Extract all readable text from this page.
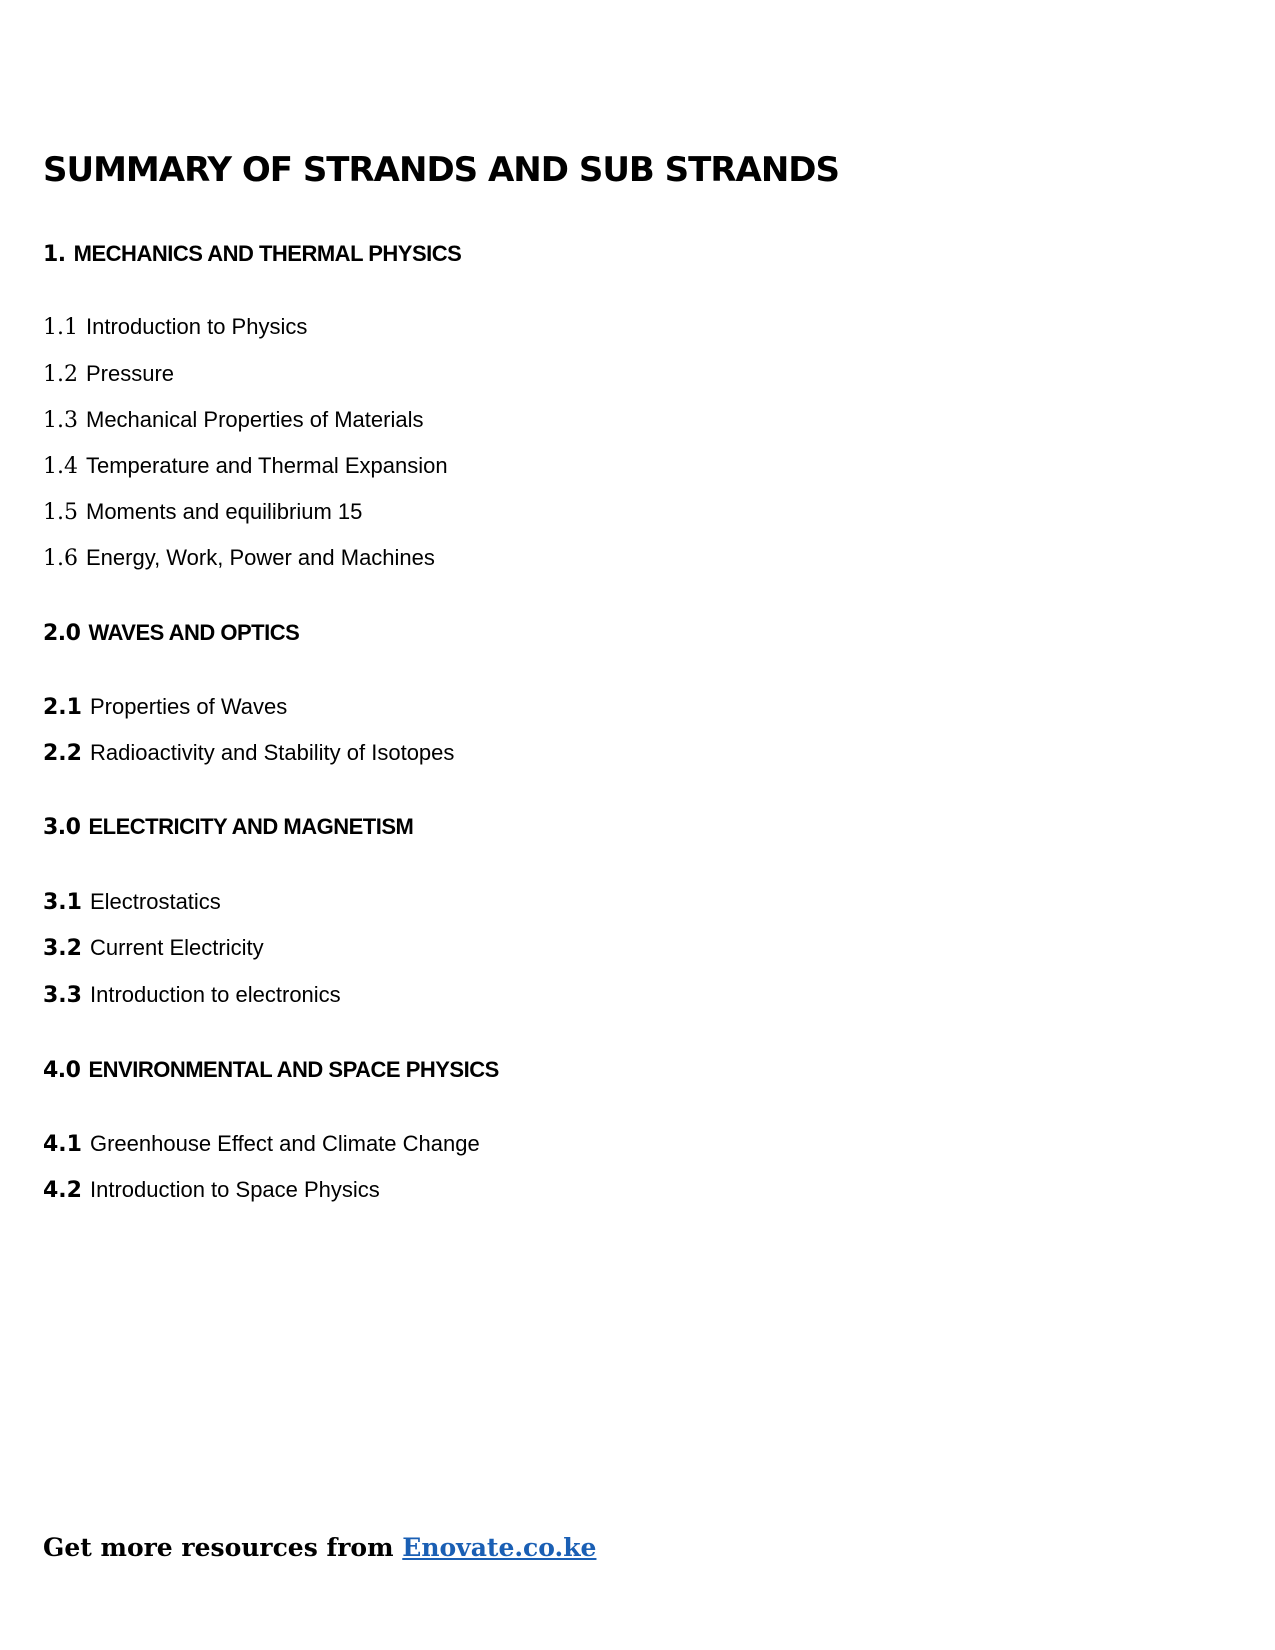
SUMMARY OF STRANDS AND SUB STRANDS
1. MECHANICS AND THERMAL PHYSICS
1.1 Introduction to Physics
1.2 Pressure
1.3 Mechanical Properties of Materials
1.4 Temperature and Thermal Expansion
1.5 Moments and equilibrium 15
1.6 Energy, Work, Power and Machines
2.0 WAVES AND OPTICS
2.1 Properties of Waves
2.2 Radioactivity and Stability of Isotopes
3.0 ELECTRICITY AND MAGNETISM
3.1 Electrostatics
3.2 Current Electricity
3.3 Introduction to electronics
4.0 ENVIRONMENTAL AND SPACE PHYSICS
4.1 Greenhouse Effect and Climate Change
4.2 Introduction to Space Physics
Get more resources from Enovate.co.ke
